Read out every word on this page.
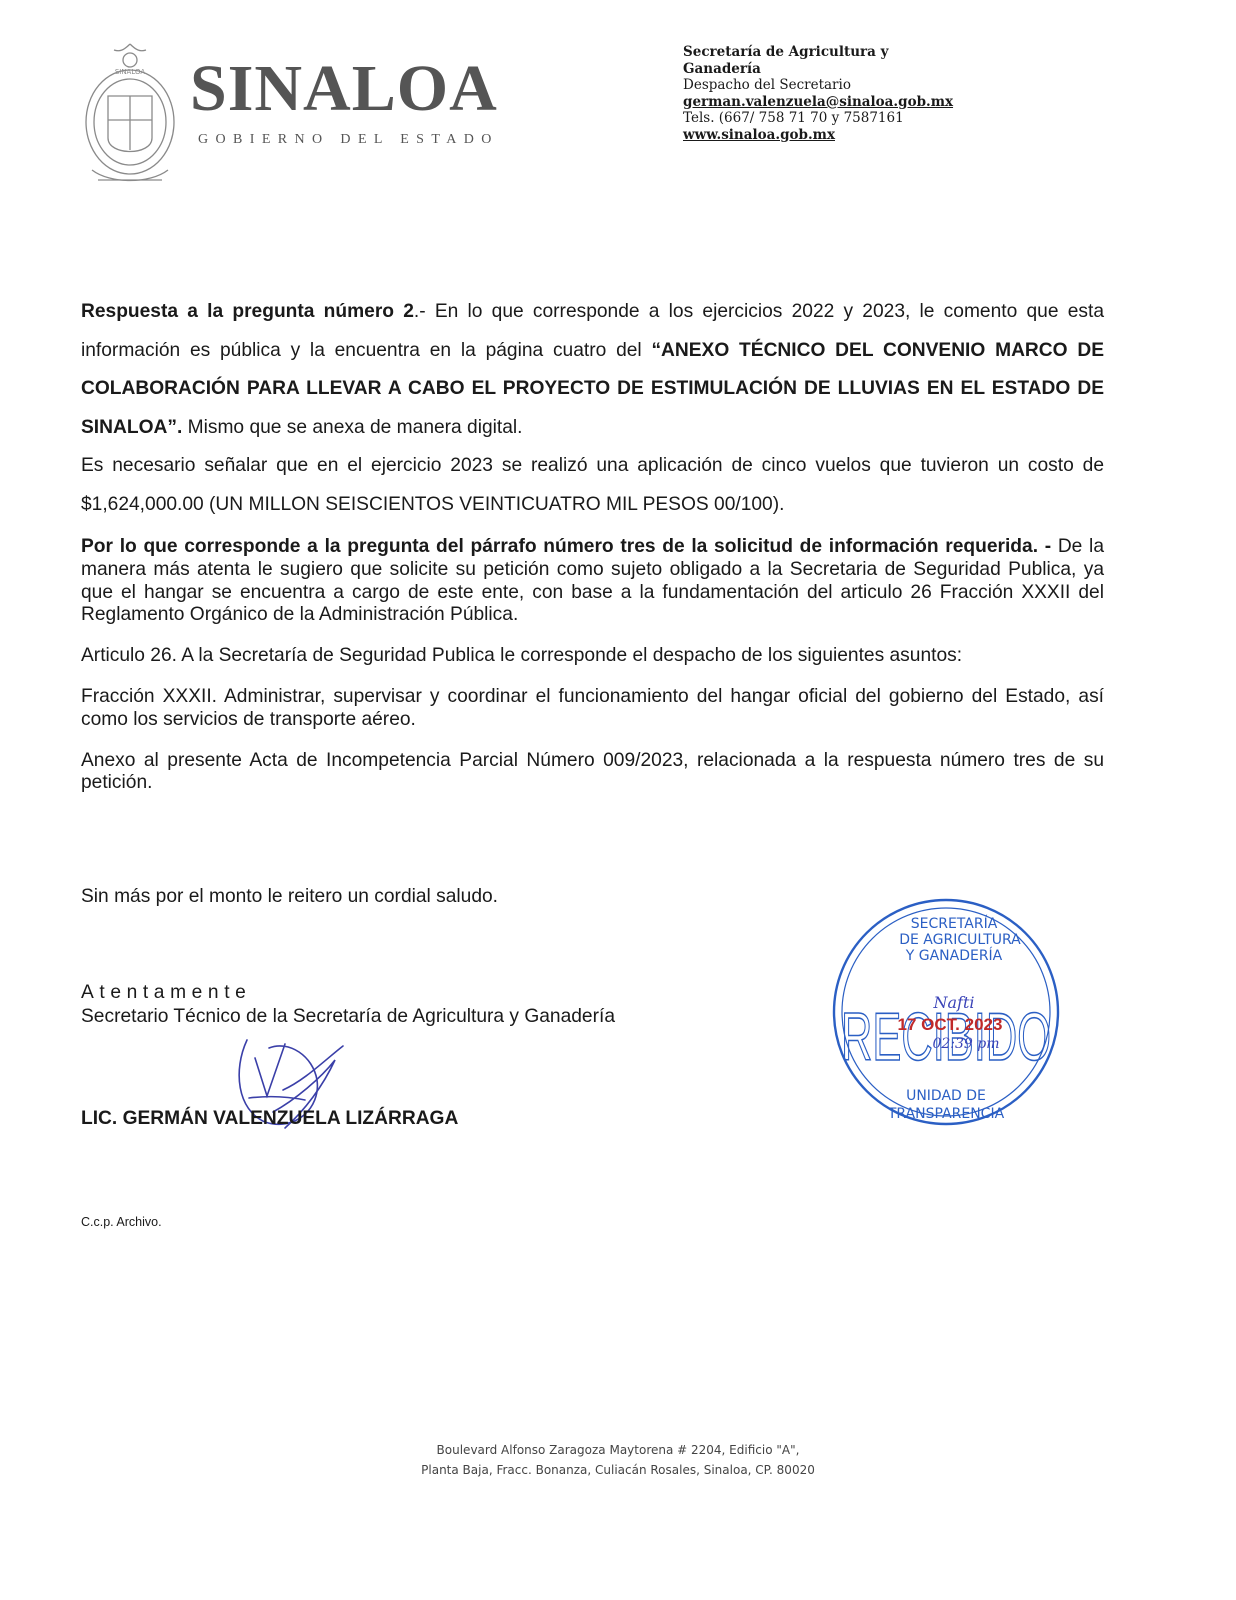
SINALOA SINALOA
GOBIERNO DEL ESTADO
Secretaría de Agricultura y
Ganadería
Despacho del Secretario
german.valenzuela@sinaloa.gob.mx
Tels. (667/ 758 71 70 y 7587161
www.sinaloa.gob.mx
Respuesta a la pregunta número 2.- En lo que corresponde a los ejercicios 2022 y 2023, le comento que esta información es pública y la encuentra en la página cuatro del “ANEXO TÉCNICO DEL CONVENIO MARCO DE COLABORACIÓN PARA LLEVAR A CABO EL PROYECTO DE ESTIMULACIÓN DE LLUVIAS EN EL ESTADO DE SINALOA”. Mismo que se anexa de manera digital.
Es necesario señalar que en el ejercicio 2023 se realizó una aplicación de cinco vuelos que tuvieron un costo de $1,624,000.00 (UN MILLON SEISCIENTOS VEINTICUATRO MIL PESOS 00/100).
Por lo que corresponde a la pregunta del párrafo número tres de la solicitud de información requerida. - De la manera más atenta le sugiero que solicite su petición como sujeto obligado a la Secretaria de Seguridad Publica, ya que el hangar se encuentra a cargo de este ente, con base a la fundamentación del articulo 26 Fracción XXXII del Reglamento Orgánico de la Administración Pública.
Articulo 26. A la Secretaría de Seguridad Publica le corresponde el despacho de los siguientes asuntos:
Fracción XXXII. Administrar, supervisar y coordinar el funcionamiento del hangar oficial del gobierno del Estado, así como los servicios de transporte aéreo.
Anexo al presente Acta de Incompetencia Parcial Número 009/2023, relacionada a la respuesta número tres de su petición.
Sin más por el monto le reitero un cordial saludo.
Atentamente
Secretario Técnico de la Secretaría de Agricultura y Ganadería
LIC. GERMÁN VALENZUELA LIZÁRRAGA
C.c.p. Archivo.
SECRETARÍA
DE AGRICULTURA
Y GANADERÍA
RECIBIDO
17 OCT. 2023
Nafti
02:39 pm
UNIDAD DE
TRANSPARENCIA
Boulevard Alfonso Zaragoza Maytorena # 2204, Edificio "A",
Planta Baja, Fracc. Bonanza, Culiacán Rosales, Sinaloa, CP. 80020
